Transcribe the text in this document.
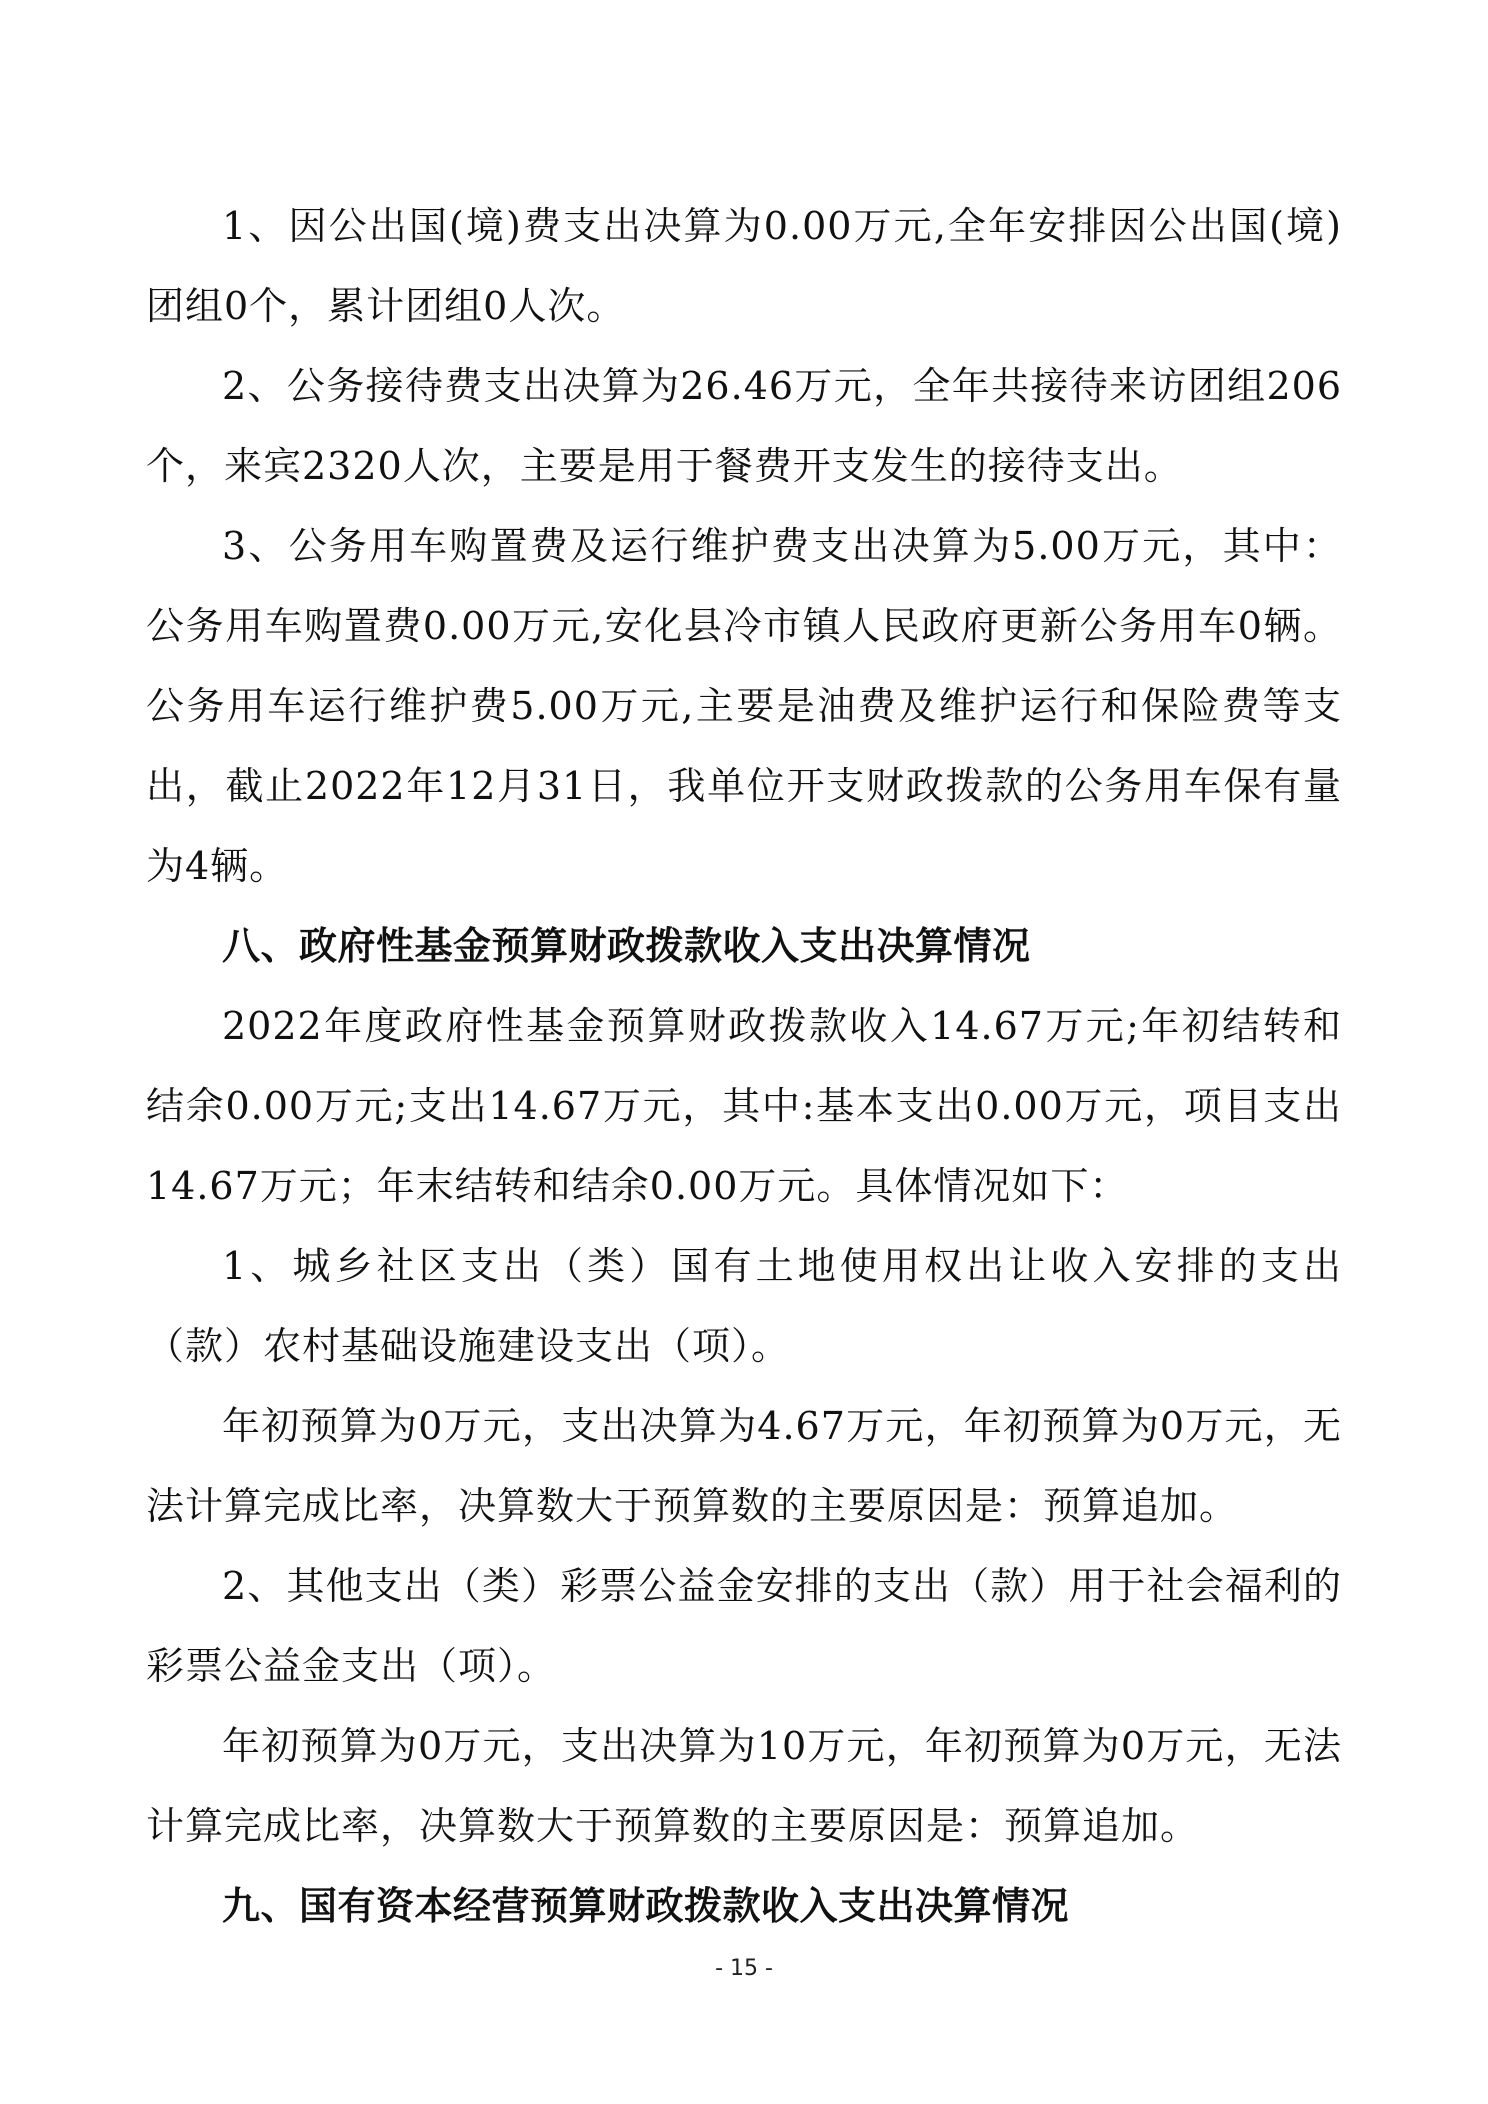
1、因公出国(境)费支出决算为0.00万元,全年安排因公出国(境)团组0个，累计团组0人次。

2、公务接待费支出决算为26.46万元，全年共接待来访团组206个，来宾2320人次，主要是用于餐费开支发生的接待支出。

3、公务用车购置费及运行维护费支出决算为5.00万元，其中：公务用车购置费0.00万元,安化县冷市镇人民政府更新公务用车0辆。公务用车运行维护费5.00万元,主要是油费及维护运行和保险费等支出，截止2022年12月31日，我单位开支财政拨款的公务用车保有量为4辆。

八、政府性基金预算财政拨款收入支出决算情况

2022年度政府性基金预算财政拨款收入14.67万元;年初结转和结余0.00万元;支出14.67万元，其中:基本支出0.00万元，项目支出14.67万元；年末结转和结余0.00万元。具体情况如下：

1、城乡社区支出（类）国有土地使用权出让收入安排的支出（款）农村基础设施建设支出（项）。

年初预算为0万元，支出决算为4.67万元，年初预算为0万元，无法计算完成比率，决算数大于预算数的主要原因是：预算追加。

2、其他支出（类）彩票公益金安排的支出（款）用于社会福利的彩票公益金支出（项）。

年初预算为0万元，支出决算为10万元，年初预算为0万元，无法计算完成比率，决算数大于预算数的主要原因是：预算追加。

九、国有资本经营预算财政拨款收入支出决算情况

- 15 -
